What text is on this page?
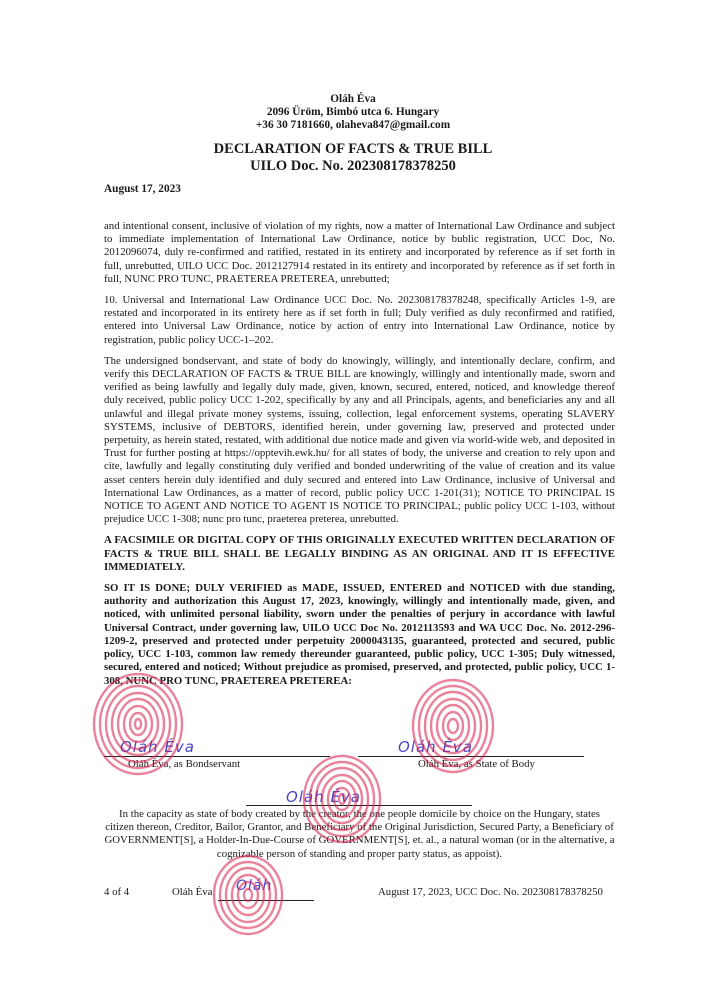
Oláh Éva
2096 Üröm, Bimbó utca 6. Hungary
+36 30 7181660, olaheva847@gmail.com
DECLARATION OF FACTS & TRUE BILL
UILO Doc. No. 202308178378250
August 17, 2023

and intentional consent, inclusive of violation of my rights, now a matter of International Law Ordinance and subject to immediate implementation of International Law Ordinance, notice by bublic registration, UCC Doc, No. 2012096074, duly re-confirmed and ratified, restated in its entirety and incorporated by reference as if set forth in full, unrebutted, UILO UCC Doc. 2012127914 restated in its entirety and incorporated by reference as if set forth in full, NUNC PRO TUNC, PRAETEREA PRETEREA, unrebutted;

10. Universal and International Law Ordinance UCC Doc. No. 202308178378248, specifically Articles 1-9, are restated and incorporated in its entirety here as if set forth in full; Duly verified as duly reconfirmed and ratified, entered into Universal Law Ordinance, notice by action of entry into International Law Ordinance, notice by registration, public policy UCC-1–202.

The undersigned bondservant, and state of body do knowingly, willingly, and intentionally declare, confirm, and verify this DECLARATION OF FACTS & TRUE BILL are knowingly, willingly and intentionally made, sworn and verified as being lawfully and legally duly made, given, known, secured, entered, noticed, and knowledge thereof duly received, public policy UCC 1-202, specifically by any and all Principals, agents, and beneficiaries any and all unlawful and illegal private money systems, issuing, collection, legal enforcement systems, operating SLAVERY SYSTEMS, inclusive of DEBTORS, identified herein, under governing law, preserved and protected under perpetuity, as herein stated, restated, with additional due notice made and given via world-wide web, and deposited in Trust for further posting at https://opptevih.ewk.hu/ for all states of body, the universe and creation to rely upon and cite, lawfully and legally constituting duly verified and bonded underwriting of the value of creation and its value asset centers herein duly identified and duly secured and entered into Law Ordinance, inclusive of Universal and International Law Ordinances, as a matter of record, public policy UCC 1-201(31); NOTICE TO PRINCIPAL IS NOTICE TO AGENT AND NOTICE TO AGENT IS NOTICE TO PRINCIPAL; public policy UCC 1-103, without prejudice UCC 1-308; nunc pro tunc, praeterea preterea, unrebutted.

A FACSIMILE OR DIGITAL COPY OF THIS ORIGINALLY EXECUTED WRITTEN DECLARATION OF FACTS & TRUE BILL SHALL BE LEGALLY BINDING AS AN ORIGINAL AND IT IS EFFECTIVE IMMEDIATELY.

SO IT IS DONE; DULY VERIFIED as MADE, ISSUED, ENTERED and NOTICED with due standing, authority and authorization this August 17, 2023, knowingly, willingly and intentionally made, given, and noticed, with unlimited personal liability, sworn under the penalties of perjury in accordance with lawful Universal Contract, under governing law, UILO UCC Doc No. 2012113593 and WA UCC Doc. No. 2012-296-1209-2, preserved and protected under perpetuity 2000043135, guaranteed, protected and secured, public policy, UCC 1-103, common law remedy thereunder guaranteed, public policy, UCC 1-305; Duly witnessed, secured, entered and noticed; Without prejudice as promised, preserved, and protected, public policy, UCC 1-308, NUNC PRO TUNC, PRAETEREA PRETEREA:

Oláh Éva
Oláh Éva, as Bondservant
Oláh Éva
Oláh Éva, as State of Body
Oláh Éva
In the capacity as state of body created by the creator, the one people domicile by choice on the Hungary, states citizen thereon, Creditor, Bailor, Grantor, and Beneficiary of the Original Jurisdiction, Secured Party, a Beneficiary of GOVERNMENT[S], a Holder-In-Due-Course of GOVERNMENT[S], et. al., a natural woman (or in the alternative, a cognizable person of standing and proper party status, as appoist).
4 of 4	Oláh Éva Oláh	August 17, 2023, UCC Doc. No. 202308178378250
